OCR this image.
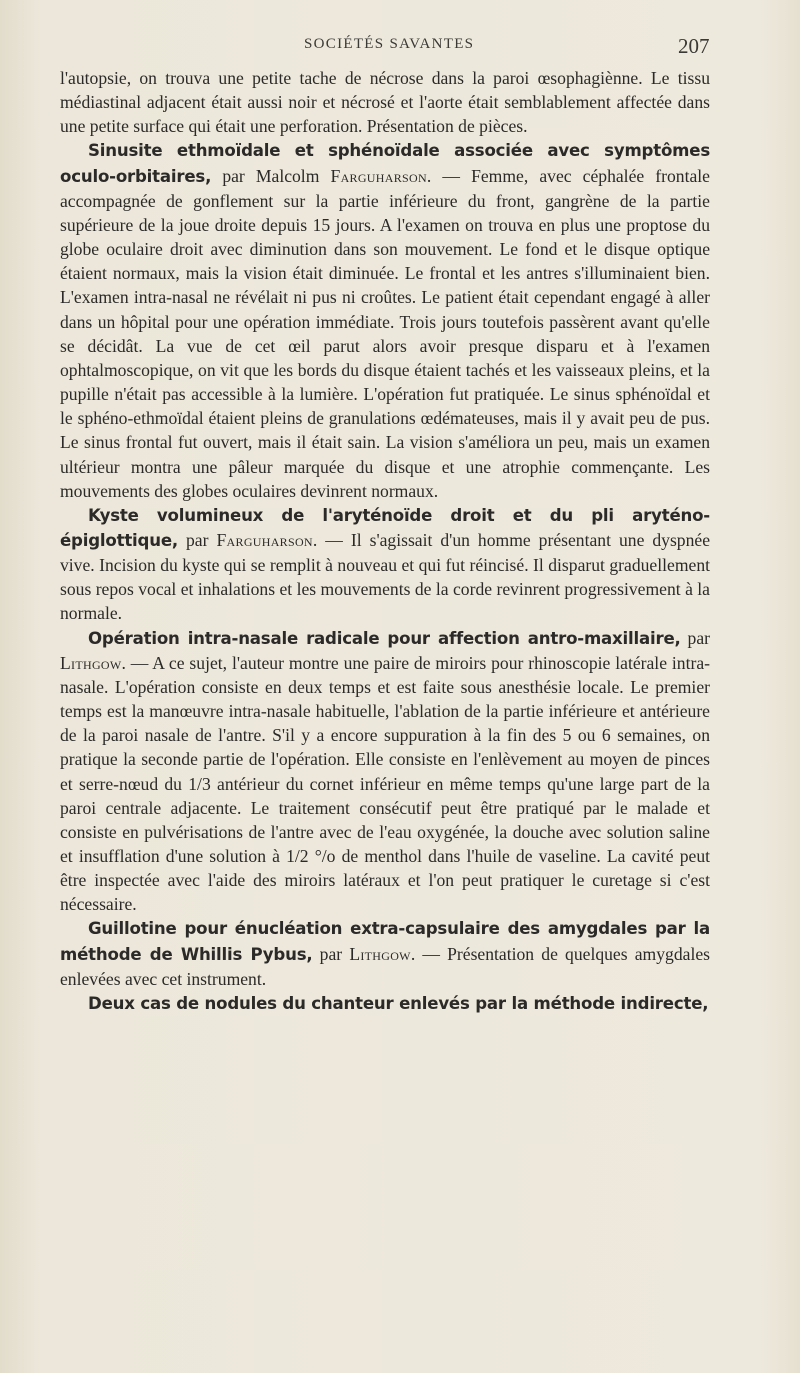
SOCIÉTÉS SAVANTES	207

l'autopsie, on trouva une petite tache de nécrose dans la paroi œsophagiènne. Le tissu médiastinal adjacent était aussi noir et nécrosé et l'aorte était semblablement affectée dans une petite surface qui était une perforation. Présentation de pièces.

Sinusite ethmoïdale et sphénoïdale associée avec symptômes oculo-orbitaires, par Malcolm Farguharson. — Femme, avec céphalée frontale accompagnée de gonflement sur la partie inférieure du front, gangrène de la partie supérieure de la joue droite depuis 15 jours. A l'examen on trouva en plus une proptose du globe oculaire droit avec diminution dans son mouvement. Le fond et le disque optique étaient normaux, mais la vision était diminuée. Le frontal et les antres s'illuminaient bien. L'examen intra-nasal ne révélait ni pus ni croûtes. Le patient était cependant engagé à aller dans un hôpital pour une opération immédiate. Trois jours toutefois passèrent avant qu'elle se décidât. La vue de cet œil parut alors avoir presque disparu et à l'examen ophtalmoscopique, on vit que les bords du disque étaient tachés et les vaisseaux pleins, et la pupille n'était pas accessible à la lumière. L'opération fut pratiquée. Le sinus sphénoïdal et le sphéno-ethmoïdal étaient pleins de granulations œdémateuses, mais il y avait peu de pus. Le sinus frontal fut ouvert, mais il était sain. La vision s'améliora un peu, mais un examen ultérieur montra une pâleur marquée du disque et une atrophie commençante. Les mouvements des globes oculaires devinrent normaux.

Kyste volumineux de l'aryténoïde droit et du pli aryténo-épiglottique, par Farguharson. — Il s'agissait d'un homme présentant une dyspnée vive. Incision du kyste qui se remplit à nouveau et qui fut réincisé. Il disparut graduellement sous repos vocal et inhalations et les mouvements de la corde revinrent progressivement à la normale.

Opération intra-nasale radicale pour affection antro-maxillaire, par Lithgow. — A ce sujet, l'auteur montre une paire de miroirs pour rhinoscopie latérale intra-nasale. L'opération consiste en deux temps et est faite sous anesthésie locale. Le premier temps est la manœuvre intra-nasale habituelle, l'ablation de la partie inférieure et antérieure de la paroi nasale de l'antre. S'il y a encore suppuration à la fin des 5 ou 6 semaines, on pratique la seconde partie de l'opération. Elle consiste en l'enlèvement au moyen de pinces et serre-nœud du 1/3 antérieur du cornet inférieur en même temps qu'une large part de la paroi centrale adjacente. Le traitement consécutif peut être pratiqué par le malade et consiste en pulvérisations de l'antre avec de l'eau oxygénée, la douche avec solution saline et insufflation d'une solution à 1/2 °/o de menthol dans l'huile de vaseline. La cavité peut être inspectée avec l'aide des miroirs latéraux et l'on peut pratiquer le curetage si c'est nécessaire.

Guillotine pour énucléation extra-capsulaire des amygdales par la méthode de Whillis Pybus, par Lithgow. — Présentation de quelques amygdales enlevées avec cet instrument.

Deux cas de nodules du chanteur enlevés par la méthode indirecte,
